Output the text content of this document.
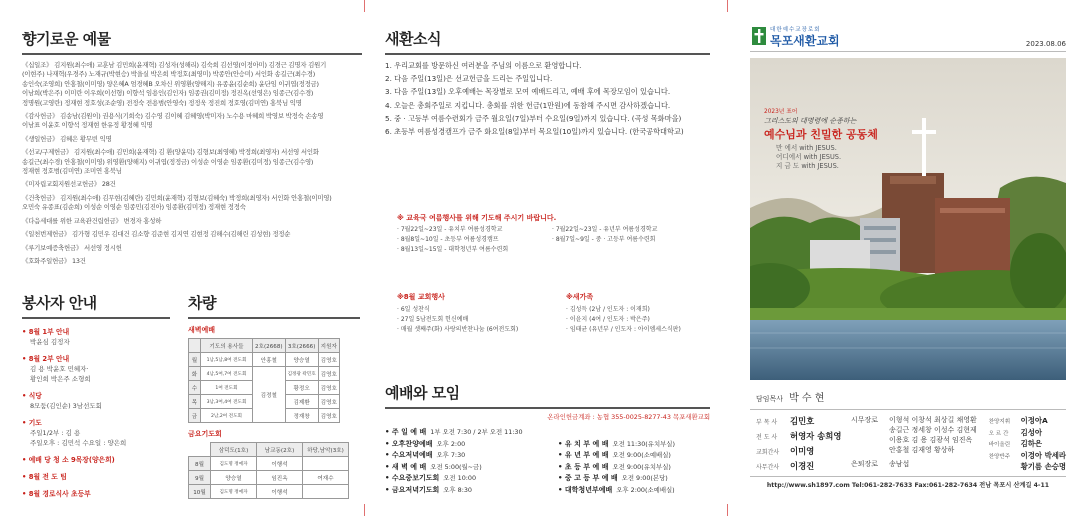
향기로운 예물
《십일조》 김지원(최수애) 교훈남 김민희(윤재혁) 김성자(성해리) 김숙희 김선영(이정아미) 김경근 김명자 김원기
(이현주) 나재혁(우경주) 노재규(박현승) 박을실 박은희 박정호(최영미) 박종안(안승미) 서인화 송길근(최수경)
송인숙(조영희) 안홍철(이미영) 양은혜A 엄경혜B 오차신 위영환(양해지) 유종윤(김순희) 윤단임 이귀엽(정정금)
이남희(박은주) 이미란 이우희(이선형) 이향석 임용인(김인자) 임종권(김미정) 정진옥(선영은) 임종근(김수경)
정명원(고영란) 정재현 정호성(조순영) 전정숙 전용범(안영숙) 정정욱 정진희 정호영(김미연) 홍북님 익명
《감사헌금》 김송남(김원이) 권용식(기희숙) 김수영 김이혜 김혜영(박미자) 노수용 마혜희 박영보 박정숙 손송영
이남표 이윤호 이향석 정재현 한유정 황정혜 익명
《생일헌금》 김혜은 황무빈 익명
《선교/구제헌금》 김지원(최수애) 김민희(윤재혁) 김 환(양윤덕) 김형보(최영혜) 박정희(최영자) 서선영 서인화
송길근(최수경) 안홍철(이미영) 위영환(양해지) 이귀엽(정정금) 이성순 이영순 임종환(김미정) 임종근(김수영)
정재현 정호범(김미연) 조미연 홍북님
《미자립교회지원선교헌금》 28건
《건축헌금》 김지원(최수애) 김무현(김혜란) 김민희(윤재혁) 김형보(김혜숙) 박정희(최영자) 서인화 안홍철(이미영)
오민숙 유종표(김순희) 이성순 이영순 임종민(김진아) 임종환(김미정) 정재현 정정숙
《다음세대를 위한 교육관건립헌금》 변경자 홍성하
《일천번제헌금》 김가형 김민우 김대건 김소향 김준현 김지연 김현정 김해수(김해린 김성현) 정정순
《루기보예증축헌금》 서선영 정시헌
《호화주일헌금》 13건
봉사자 안내
• 8월 1부 안내
박윤심 김정자
• 8월 2부 안내
김 용 박윤호 민혜자·
황인희 박은주 소형희
• 식당
8모둠(김인순) 3남선도회
• 기도
주일1/2부 : 김 용
주일오후 : 김민석 수요일 : 양은희
• 예배 당 청 소 9목장(양은희)
• 8월 전 도 팀
• 8월 경로식사 초등부
차량
새벽예배
	기도의 용사들	2호(2668)	3호(2666)	지원자
월	1남,5남,8여 전도회	안홍철	양승열	김영호
화	4남,5여,7여 전도회	김정철	김정광 곽민호	김영호
수	1여 전도회		황정오	김영호
목	3남,3여,4여 전도회		김제환	김영호
금	2남,2여 전도회		정재창	김영호
금요기도회
	삼덕도(1호)	남교동(2호)	하당,남악(3호)
8월	김도명 정예자	이행석	
9월	양승열	임진옥	여재수
10월	김도명 정예자	이행석	
새환소식
1. 우리교회를 방문하신 여러분을 주님의 이름으로 환영합니다.
2. 다음 주일(13일)은 선교헌금을 드리는 주일입니다.
3. 다음 주일(13일) 오후예배는 목장별로 모여 예배드리고, 예배 후에 목장모임이 있습니다.
4. 오늘은 총회주일로 지킵니다. 총회를 위한 헌금(1만원)에 동참해 주시면 감사하겠습니다.
5. 중 · 고등부 여름수련회가 금주 월요일(7일)부터 수요일(9일)까지 있습니다. (곡성 목화마을)
6. 초등부 여름성경캠프가 금주 화요일(8일)부터 목요일(10일)까지 있습니다. (한국공학대학교)
※ 교육국 여름행사를 위해 기도해 주시기 바랍니다.
· 7월22일~23일 - 유치부 여름성경학교
· 8월8일~10일 - 초등부 여름성경캠프
· 8월13일~15일 - 대학청년부 여름수련회
· 7월22일~23일 - 유년부 여름성경학교
· 8월7일~9일 - 중 · 고등부 여름수련회
※8월 교회행사
· 6일 성찬식
· 27일 5남전도회 헌신예배
· 매월 셋째주(화) 사랑의반찬나눔 (6여전도회)
※새가족
· 김성득 (2남 / 인도자 : 이재희)
· 이윤지 (4여 / 인도자 : 박은주)
· 임태균 (유년부 / 인도자 : 아이엠세스식판)
예배와 모임
온라인헌금계좌 : 농협 355-0025-8277-43 목포새환교회
• 주 일 예 배 1부 오전 7:30 / 2부 오전 11:30
• 오후찬양예배 오후 2:00
• 수요저녁예배 오후 7:30
• 새 벽 예 배 오전 5:00(월~금)
• 수요중보기도회 오전 10:00
• 금요저녁기도회 오후 8:30

• 유 치 부 예 배 오전 11:30(유치부실)
• 유 년 부 예 배 오전 9:00(소예배실)
• 초 등 부 예 배 오전 9:00(유치부실)
• 중 고 등 부 예 배 오전 9:00(본당)
• 대학청년부예배 오후 2:00(소예배실)
대한예수교장로회
목포새환교회	2023.08.06
2023년 표어
그리스도의 대명령에 순종하는
예수님과 친밀한 공동체
만 에서 with JESUS.
어디에서 with JESUS.
지 금 도 with JESUS.
담임목사 박 수 현
부 목 사	김민호
전 도 사	허영자 송희영
교회간사	이미영
사무간사	이경진
시무장로	이형석 이창석 최상길 채영환
송길근 정세창 이성수 김현제
이용호 김 용 김광석 임진옥
안홍철 김재영 황상하
은퇴장로	송남섭
찬양지휘	이정아A
오 르 간	김성아
바이올린	김하은
찬양반주	이경아 박세라
황기름 손승명
http://www.sh1897.com Tel:061-282-7633 Fax:061-282-7634 전남 목포시 산계길 4-11
